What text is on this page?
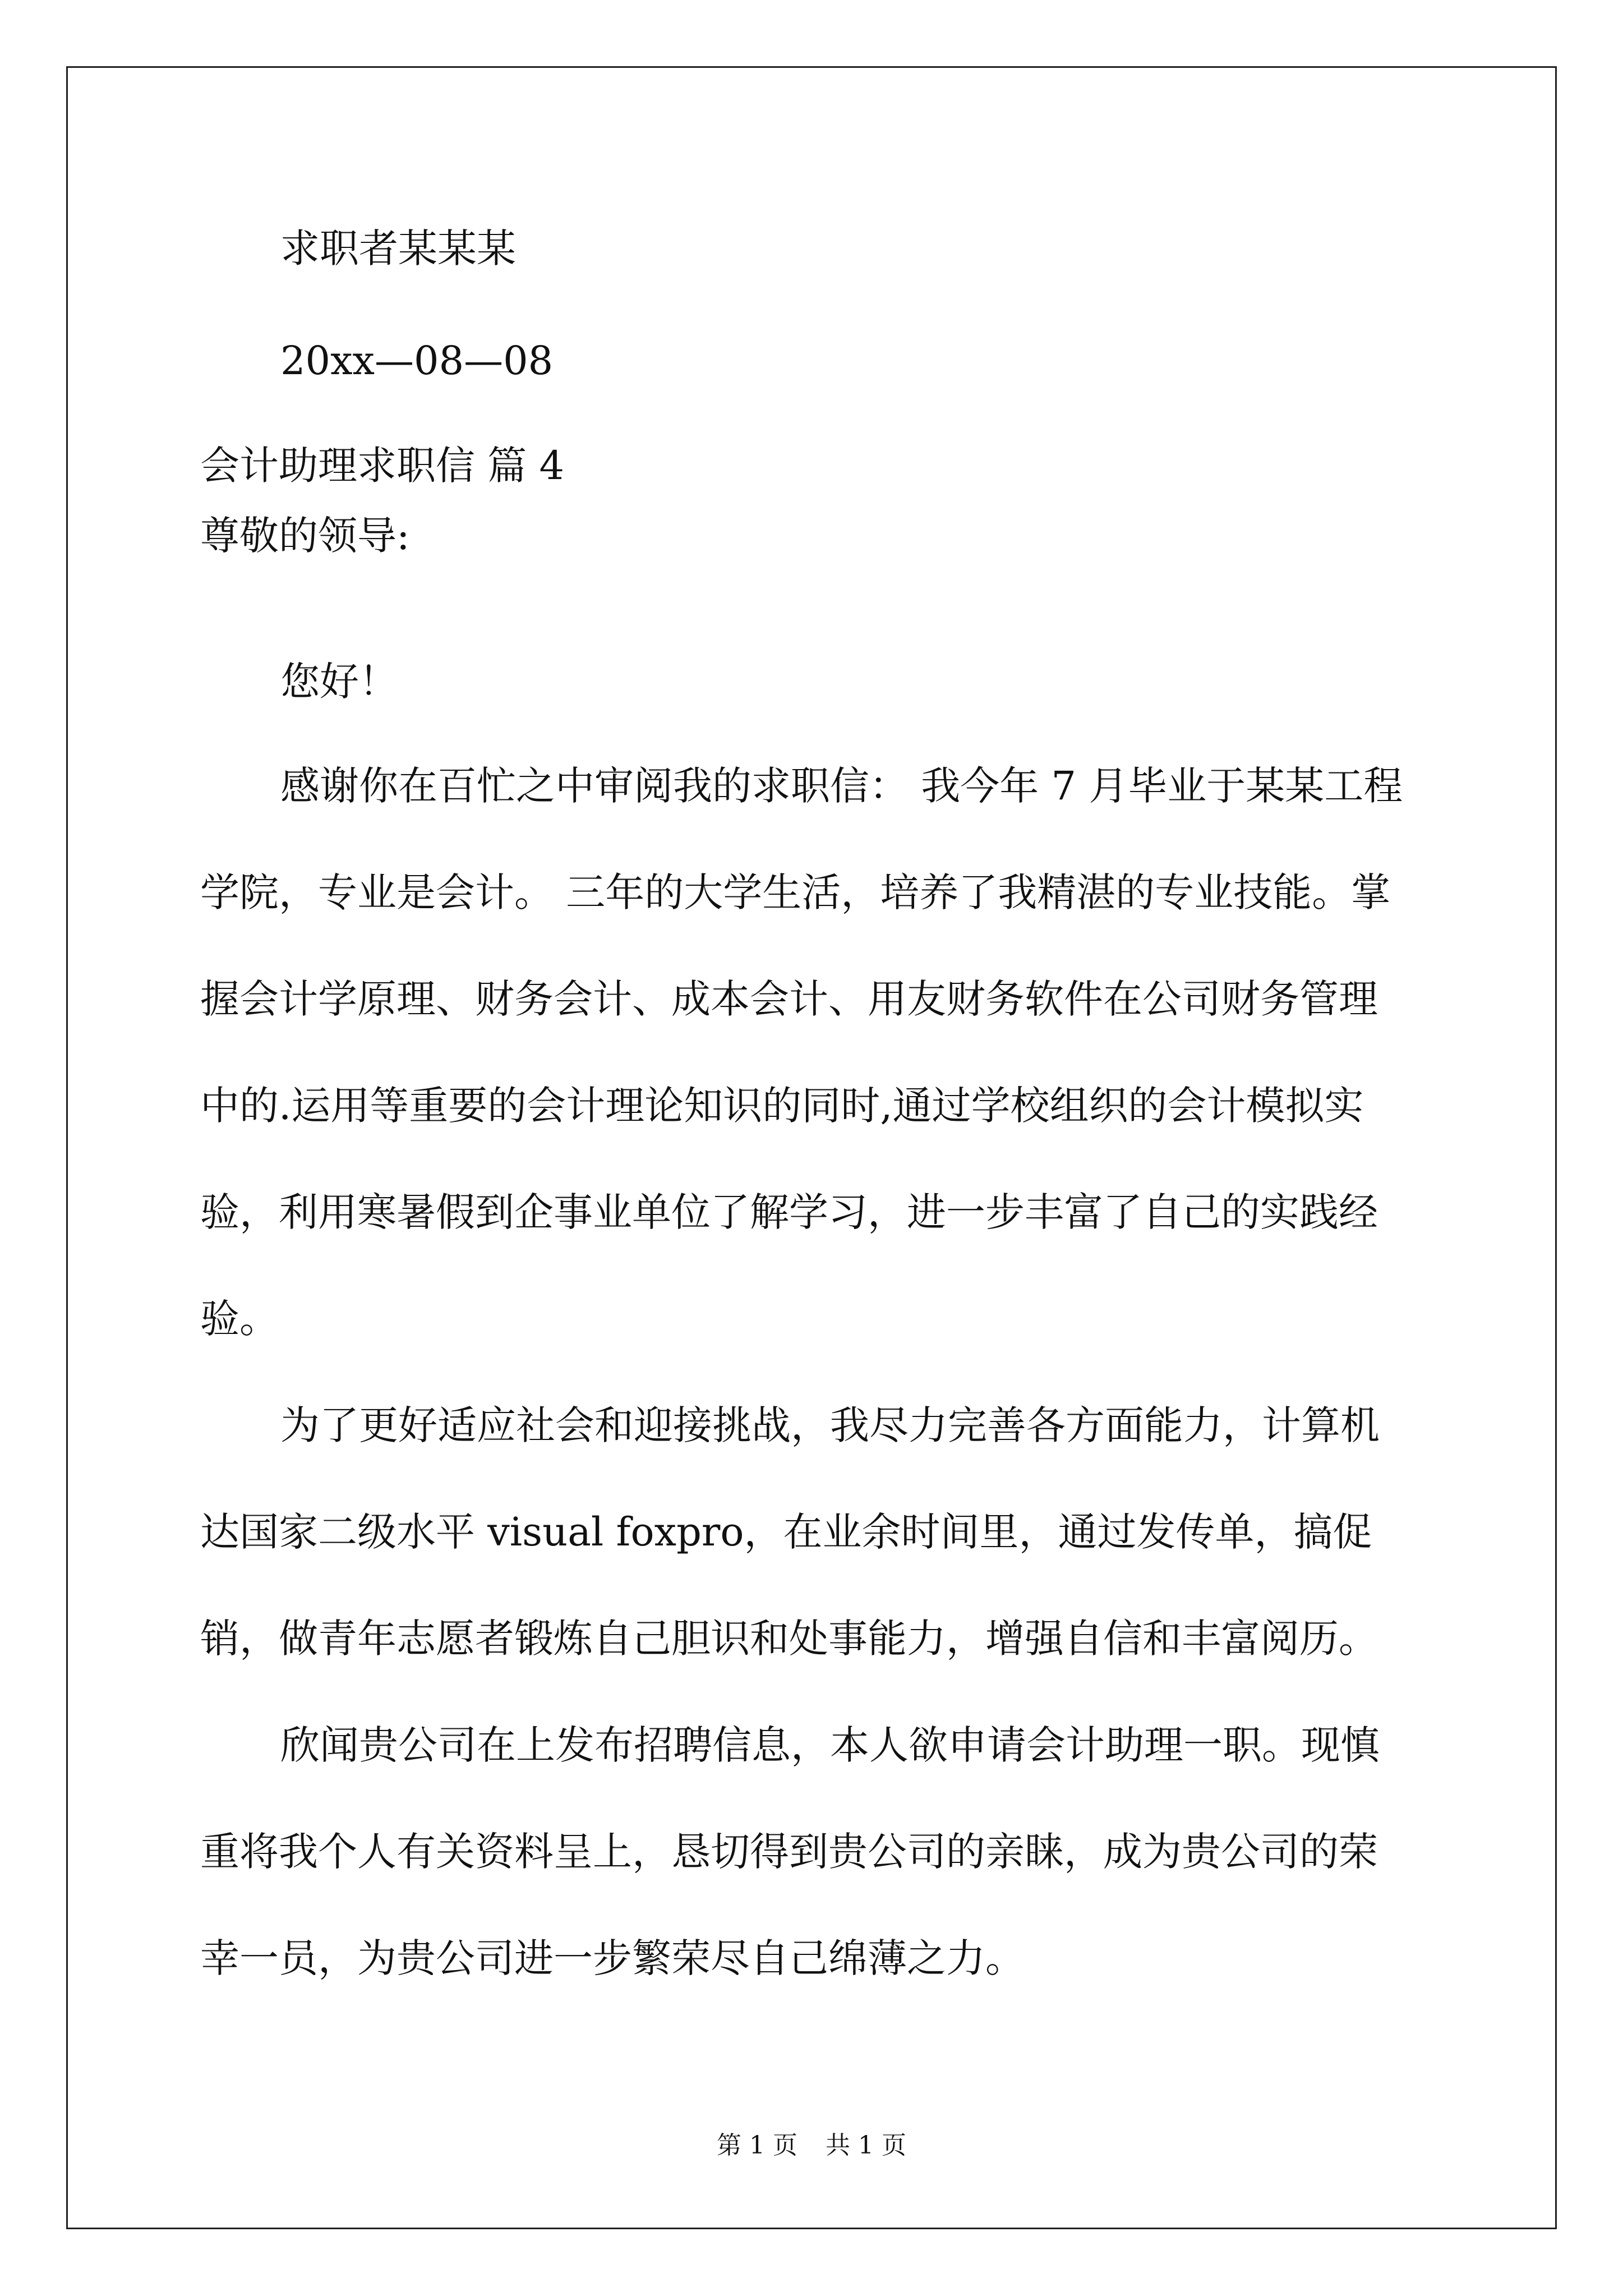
求职者某某某
20xx—08—08
会计助理求职信 篇 4
尊敬的领导:
您好！
感谢你在百忙之中审阅我的求职信： 我今年 7 月毕业于某某工程
学院，专业是会计。 三年的大学生活，培养了我精湛的专业技能。掌
握会计学原理、财务会计、成本会计、用友财务软件在公司财务管理
中的.运用等重要的会计理论知识的同时,通过学校组织的会计模拟实
验，利用寒暑假到企事业单位了解学习，进一步丰富了自己的实践经
验。
为了更好适应社会和迎接挑战，我尽力完善各方面能力，计算机
达国家二级水平 visual foxpro，在业余时间里，通过发传单，搞促
销，做青年志愿者锻炼自己胆识和处事能力，增强自信和丰富阅历。
欣闻贵公司在上发布招聘信息，本人欲申请会计助理一职。现慎
重将我个人有关资料呈上，恳切得到贵公司的亲睐，成为贵公司的荣
幸一员，为贵公司进一步繁荣尽自己绵薄之力。
第 1 页 共 1 页
